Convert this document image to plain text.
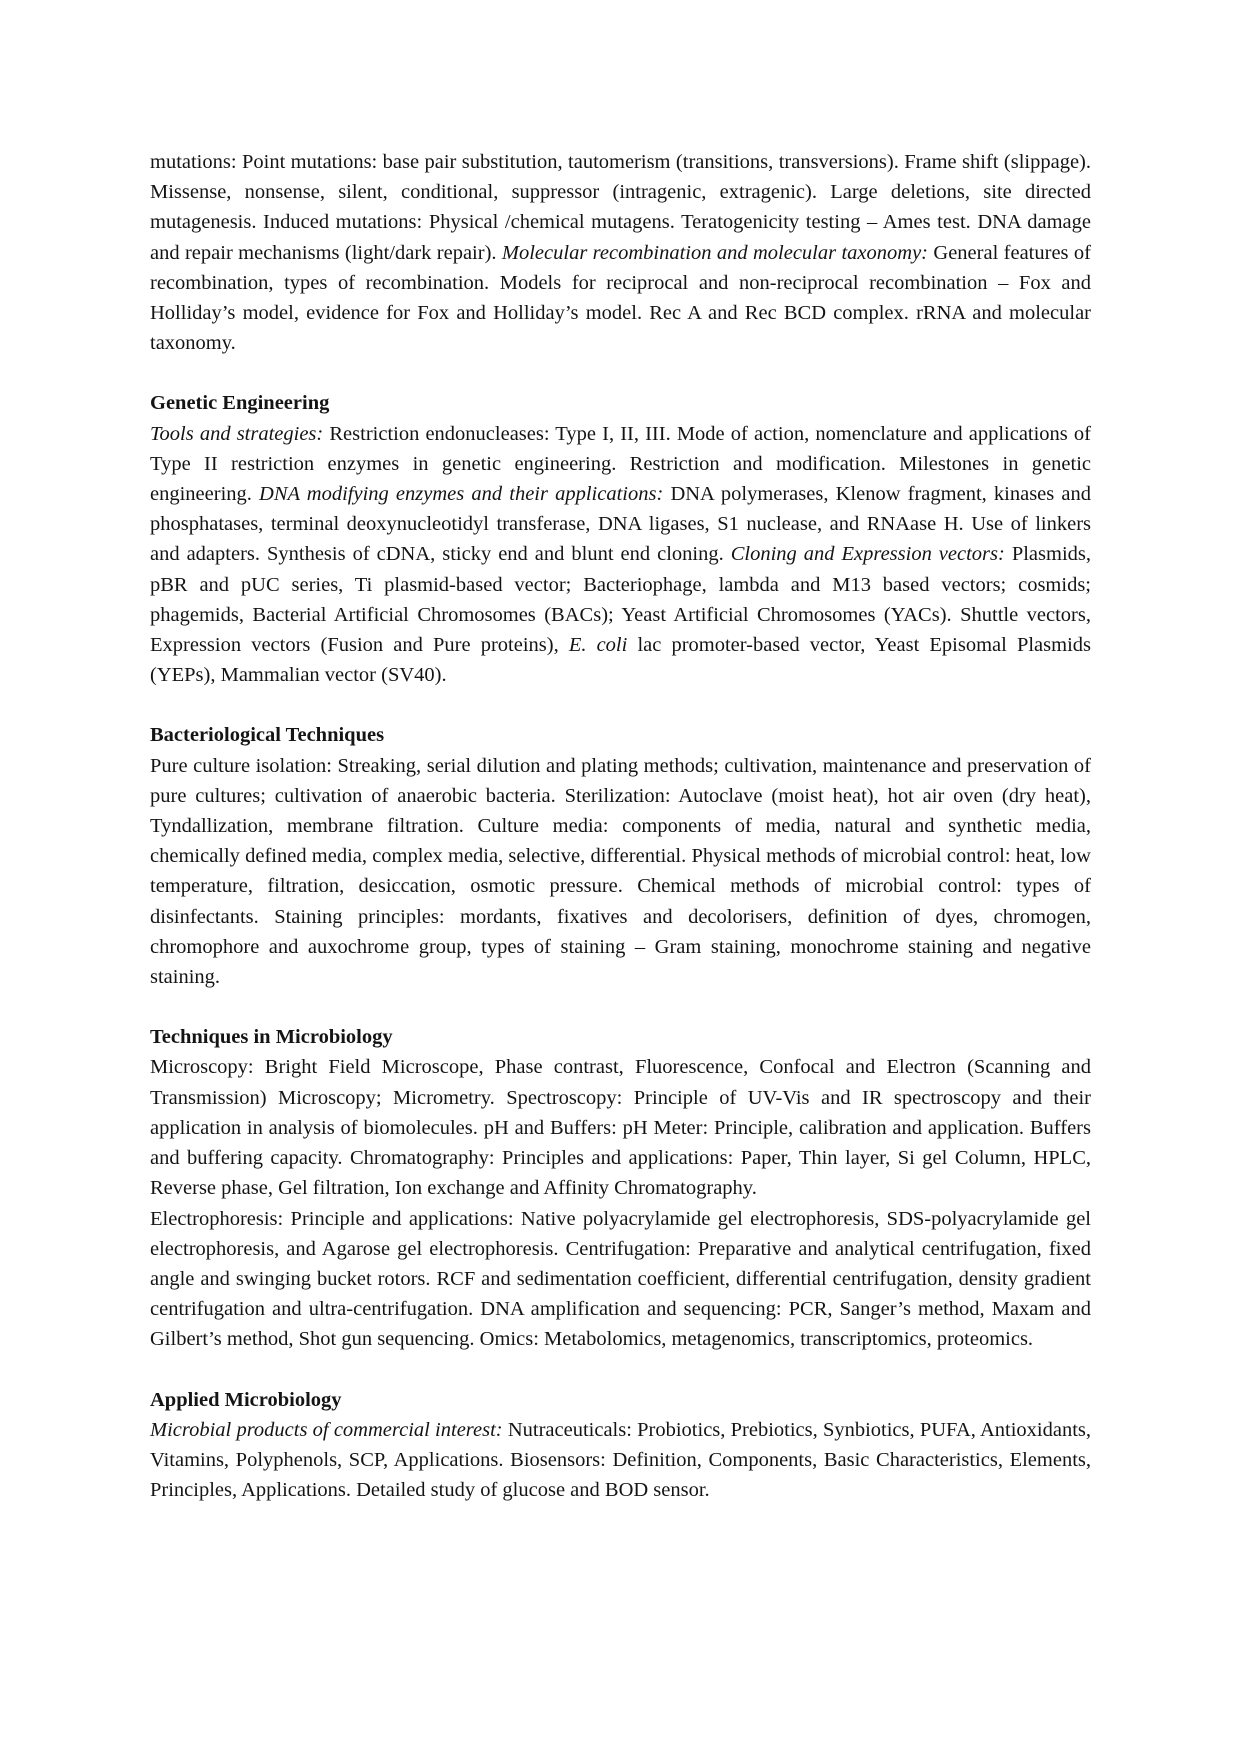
mutations: Point mutations: base pair substitution, tautomerism (transitions, transversions). Frame shift (slippage). Missense, nonsense, silent, conditional, suppressor (intragenic, extragenic). Large deletions, site directed mutagenesis. Induced mutations: Physical /chemical mutagens. Teratogenicity testing – Ames test. DNA damage and repair mechanisms (light/dark repair). Molecular recombination and molecular taxonomy: General features of recombination, types of recombination. Models for reciprocal and non-reciprocal recombination – Fox and Holliday’s model, evidence for Fox and Holliday’s model. Rec A and Rec BCD complex. rRNA and molecular taxonomy.

Genetic Engineering

Tools and strategies: Restriction endonucleases: Type I, II, III. Mode of action, nomenclature and applications of Type II restriction enzymes in genetic engineering. Restriction and modification. Milestones in genetic engineering. DNA modifying enzymes and their applications: DNA polymerases, Klenow fragment, kinases and phosphatases, terminal deoxynucleotidyl transferase, DNA ligases, S1 nuclease, and RNAase H. Use of linkers and adapters. Synthesis of cDNA, sticky end and blunt end cloning. Cloning and Expression vectors: Plasmids, pBR and pUC series, Ti plasmid-based vector; Bacteriophage, lambda and M13 based vectors; cosmids; phagemids, Bacterial Artificial Chromosomes (BACs); Yeast Artificial Chromosomes (YACs). Shuttle vectors, Expression vectors (Fusion and Pure proteins), E. coli lac promoter-based vector, Yeast Episomal Plasmids (YEPs), Mammalian vector (SV40).

Bacteriological Techniques

Pure culture isolation: Streaking, serial dilution and plating methods; cultivation, maintenance and preservation of pure cultures; cultivation of anaerobic bacteria. Sterilization: Autoclave (moist heat), hot air oven (dry heat), Tyndallization, membrane filtration. Culture media: components of media, natural and synthetic media, chemically defined media, complex media, selective, differential. Physical methods of microbial control: heat, low temperature, filtration, desiccation, osmotic pressure. Chemical methods of microbial control: types of disinfectants. Staining principles: mordants, fixatives and decolorisers, definition of dyes, chromogen, chromophore and auxochrome group, types of staining – Gram staining, monochrome staining and negative staining.

Techniques in Microbiology

Microscopy: Bright Field Microscope, Phase contrast, Fluorescence, Confocal and Electron (Scanning and Transmission) Microscopy; Micrometry. Spectroscopy: Principle of UV-Vis and IR spectroscopy and their application in analysis of biomolecules. pH and Buffers: pH Meter: Principle, calibration and application. Buffers and buffering capacity. Chromatography: Principles and applications: Paper, Thin layer, Si gel Column, HPLC, Reverse phase, Gel filtration, Ion exchange and Affinity Chromatography.

Electrophoresis: Principle and applications: Native polyacrylamide gel electrophoresis, SDS-polyacrylamide gel electrophoresis, and Agarose gel electrophoresis. Centrifugation: Preparative and analytical centrifugation, fixed angle and swinging bucket rotors. RCF and sedimentation coefficient, differential centrifugation, density gradient centrifugation and ultra-centrifugation. DNA amplification and sequencing: PCR, Sanger’s method, Maxam and Gilbert’s method, Shot gun sequencing. Omics: Metabolomics, metagenomics, transcriptomics, proteomics.

Applied Microbiology

Microbial products of commercial interest: Nutraceuticals: Probiotics, Prebiotics, Synbiotics, PUFA, Antioxidants, Vitamins, Polyphenols, SCP, Applications. Biosensors: Definition, Components, Basic Characteristics, Elements, Principles, Applications. Detailed study of glucose and BOD sensor.
